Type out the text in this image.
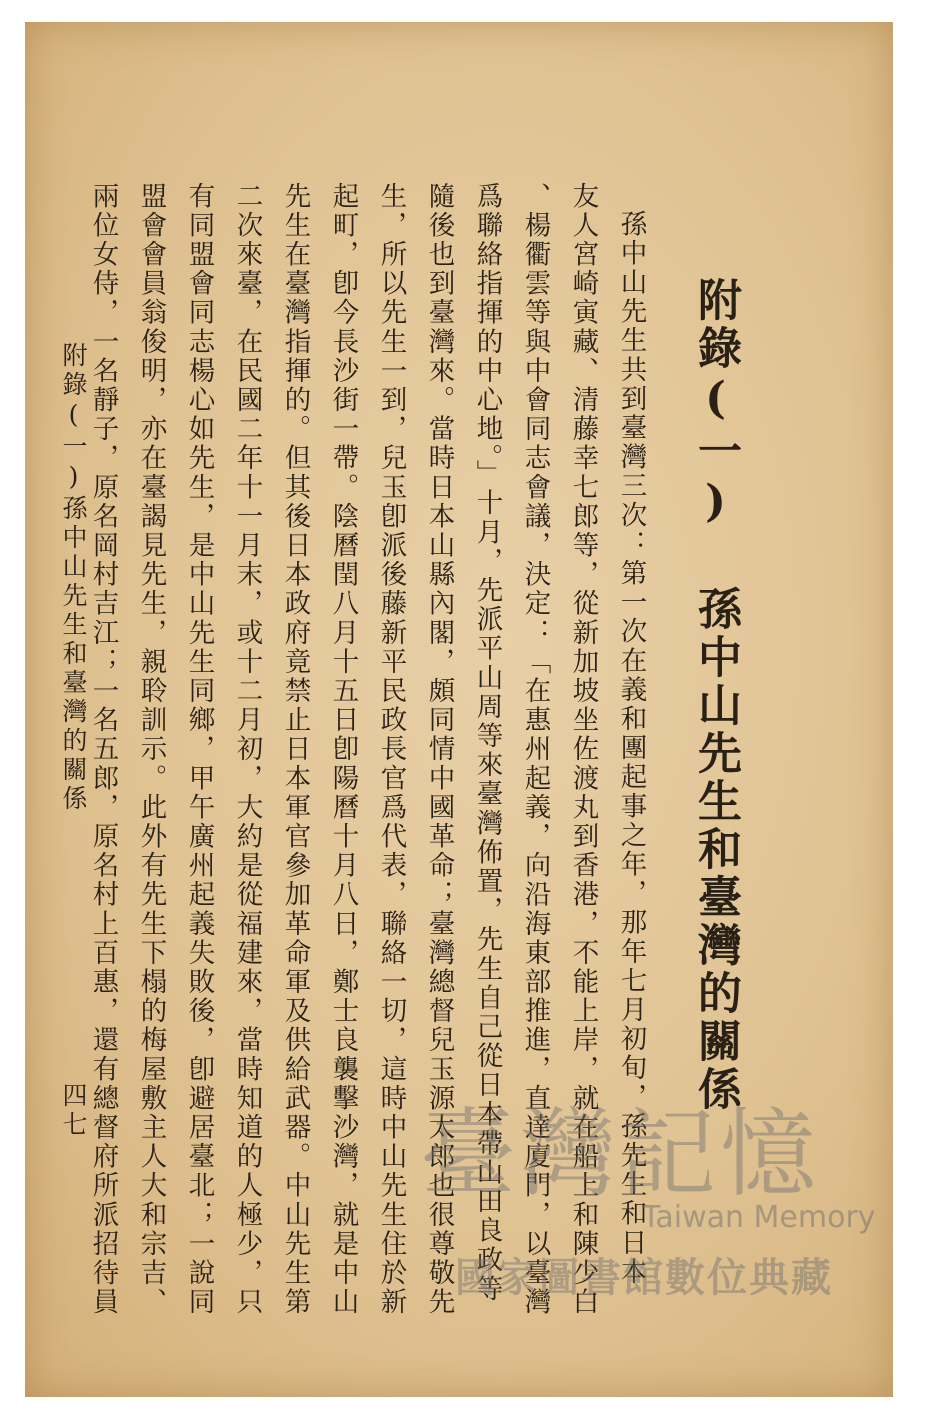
附錄(一) 孫中山先生和臺灣的關係

孫中山先生共到臺灣三次：第一次在義和團起事之年，那年七月初旬，孫先生和日本

友人宮崎寅藏、清藤幸七郎等，從新加坡坐佐渡丸到香港，不能上岸，就在船上和陳少白

、楊衢雲等與中會同志會議，決定：「在惠州起義，向沿海東部推進，直達廈門，以臺灣

爲聯絡指揮的中心地。」十月，先派平山周等來臺灣佈置，先生自己從日本帶山田良政等

隨後也到臺灣來。當時日本山縣內閣，頗同情中國革命；臺灣總督兒玉源太郎也很尊敬先

生，所以先生一到，兒玉卽派後藤新平民政長官爲代表，聯絡一切，這時中山先生住於新

起町，卽今長沙街一帶。陰曆閏八月十五日卽陽曆十月八日，鄭士良襲擊沙灣，就是中山

先生在臺灣指揮的。但其後日本政府竟禁止日本軍官參加革命軍及供給武器。中山先生第

二次來臺，在民國二年十一月末，或十二月初，大約是從福建來，當時知道的人極少，只

有同盟會同志楊心如先生，是中山先生同鄉，甲午廣州起義失敗後，卽避居臺北；一說同

盟會會員翁俊明，亦在臺謁見先生，親聆訓示。此外有先生下榻的梅屋敷主人大和宗吉、

兩位女侍，一名靜子，原名岡村吉江；一名五郎，原名村上百惠，還有總督府所派招待員

附錄(一)孫中山先生和臺灣的關係

四七	臺灣記憶
Taiwan Memory
國家圖書館數位典藏
